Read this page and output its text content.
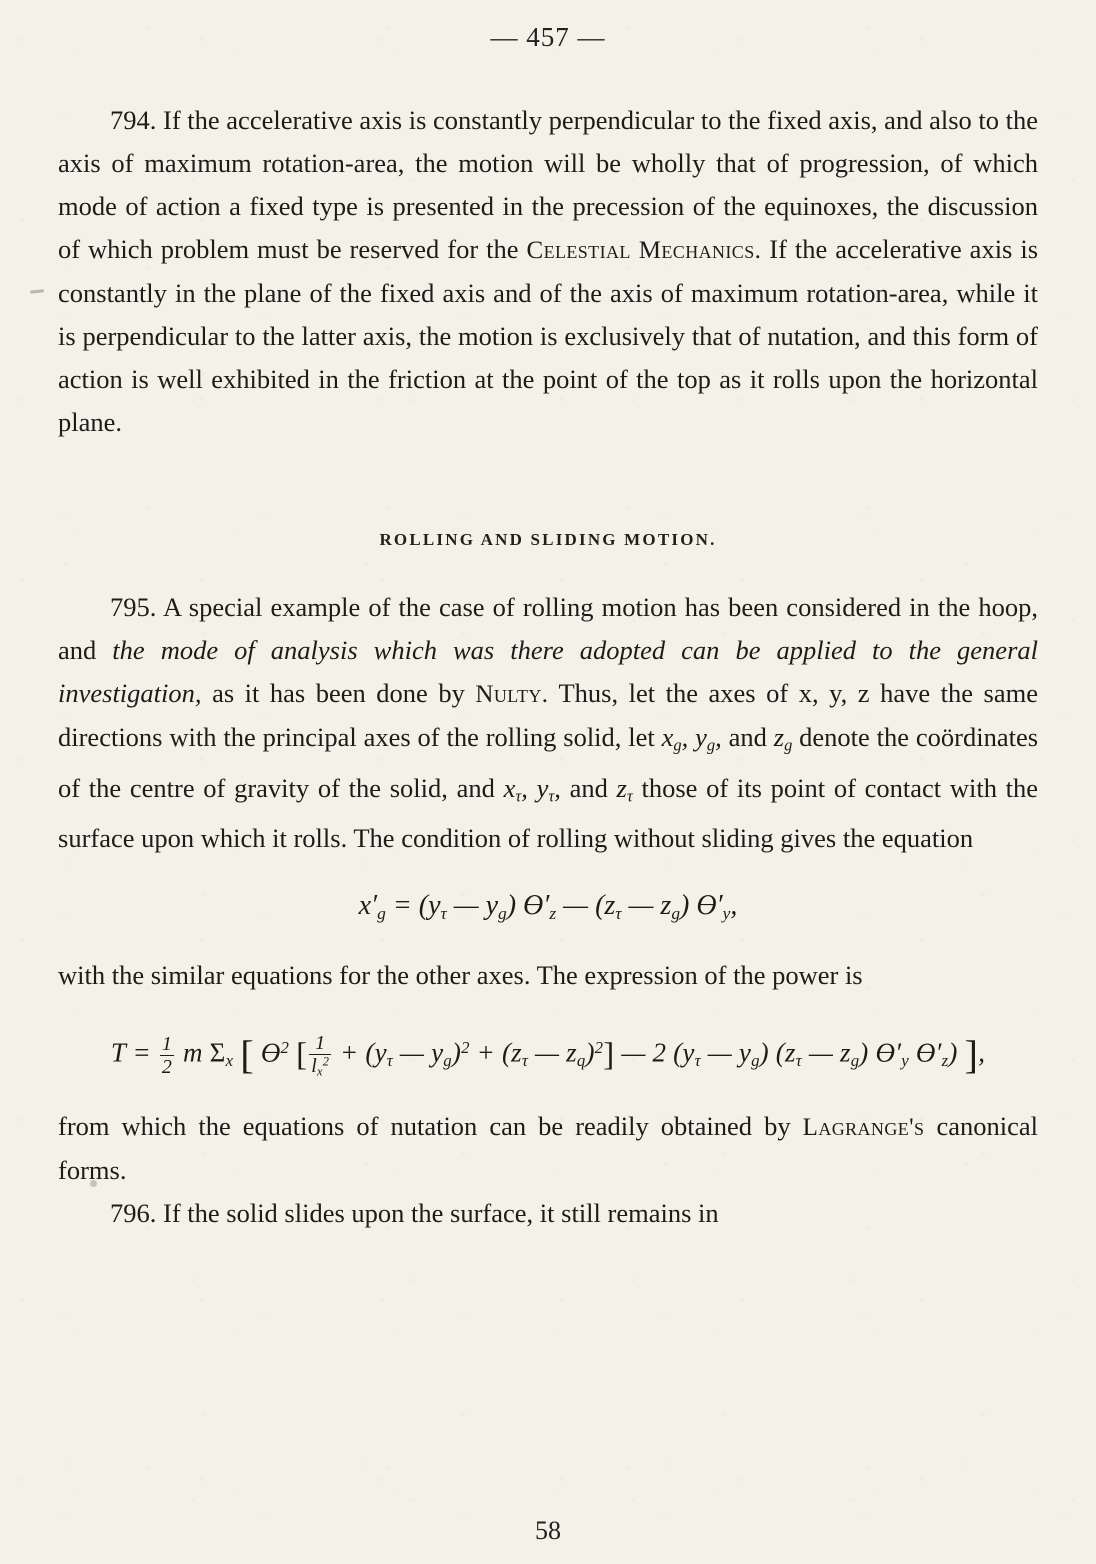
— 457 —

794. If the accelerative axis is constantly perpendicular to the fixed axis, and also to the axis of maximum rotation-area, the motion will be wholly that of progression, of which mode of action a fixed type is presented in the precession of the equinoxes, the discussion of which problem must be reserved for the Celestial Mechanics. If the accelerative axis is constantly in the plane of the fixed axis and of the axis of maximum rotation-area, while it is perpendicular to the latter axis, the motion is exclusively that of nutation, and this form of action is well exhibited in the friction at the point of the top as it rolls upon the horizontal plane.

ROLLING AND SLIDING MOTION.

795. A special example of the case of rolling motion has been considered in the hoop, and the mode of analysis which was there adopted can be applied to the general investigation, as it has been done by Nulty. Thus, let the axes of x, y, z have the same directions with the principal axes of the rolling solid, let $x_g$, $y_g$, and $z_g$ denote the coördinates of the centre of gravity of the solid, and $x_\tau$, $y_\tau$, and $z_\tau$ those of its point of contact with the surface upon which it rolls. The condition of rolling without sliding gives the equation

$x'_g = (y_\tau$ — $y_g$) $ϴ'_z$ — ($z_\tau$ — $z_g$) $ϴ'_y$,

with the similar equations for the other axes. The expression of the power is

$T = \frac{1}{2}$ m $\Sigma_x$ [ $ϴ^2$ [ $\frac{1}{l_x^2} + (y_\tau$ — $y_g)^2 + (z_\tau$ — $z_q)^2$] — 2 ($y_\tau$ — $y_g$) ($z_\tau$ — $z_g$) $ϴ'_y$ $ϴ'_z$) ],

from which the equations of nutation can be readily obtained by Lagrange's canonical forms.

796. If the solid slides upon the surface, it still remains in

58
